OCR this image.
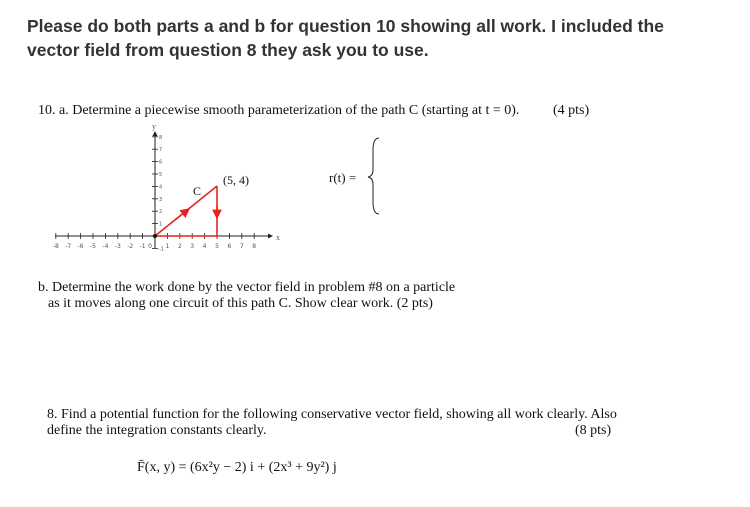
Please do both parts a and b for question 10 showing all work. I included the
vector field from question 8 they ask you to use.
10. a. Determine a piecewise smooth parameterization of the path C (starting at t = 0). (4 pts)
-8 -7 -6 -5 -4 -3 -2 -1 0 1 2 3 4 5 6 7 8
8
7
6
5
4
3
2
1
-1
x
y
(5, 4)
C
r(t) =
b. Determine the work done by the vector field in problem #8 on a particle
as it moves along one circuit of this path C. Show clear work. (2 pts)
8. Find a potential function for the following conservative vector field, showing all work clearly. Also
define the integration constants clearly.	(8 pts)
F̄(x, y) = (6x²y − 2) i + (2x³ + 9y²) j
